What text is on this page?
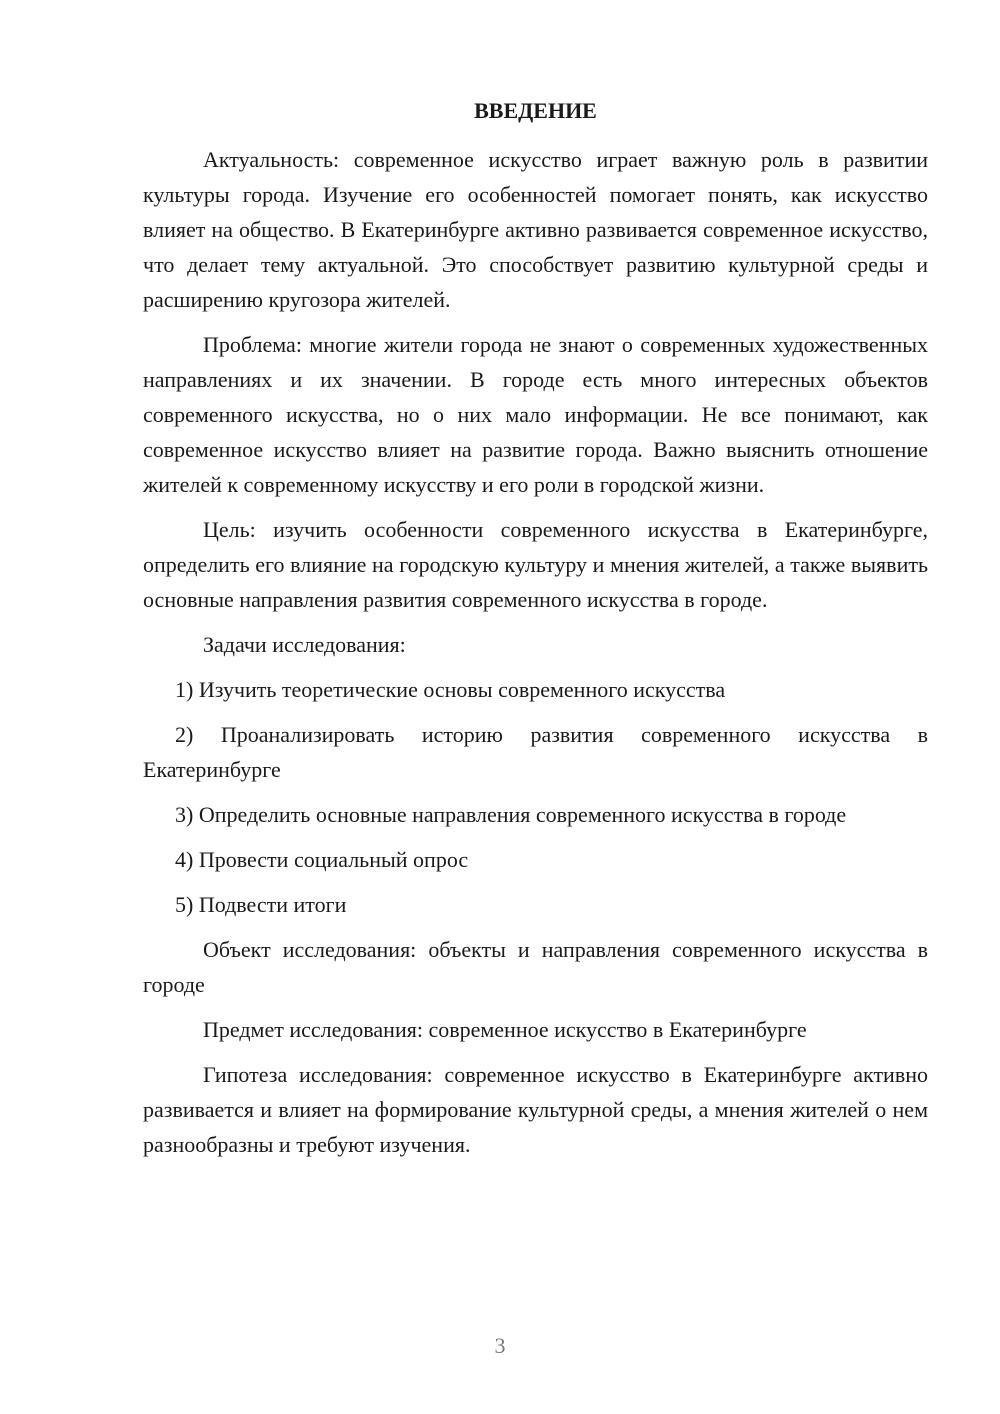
ВВЕДЕНИЕ

Актуальность: современное искусство играет важную роль в развитии культуры города. Изучение его особенностей помогает понять, как искусство влияет на общество. В Екатеринбурге активно развивается современное искусство, что делает тему актуальной. Это способствует развитию культурной среды и расширению кругозора жителей.

Проблема: многие жители города не знают о современных художественных направлениях и их значении. В городе есть много интересных объектов современного искусства, но о них мало информации. Не все понимают, как современное искусство влияет на развитие города. Важно выяснить отношение жителей к современному искусству и его роли в городской жизни.

Цель: изучить особенности современного искусства в Екатеринбурге, определить его влияние на городскую культуру и мнения жителей, а также выявить основные направления развития современного искусства в городе.

Задачи исследования:

1) Изучить теоретические основы современного искусства

2) Проанализировать историю развития современного искусства в Екатеринбурге

3) Определить основные направления современного искусства в городе

4) Провести социальный опрос

5) Подвести итоги

Объект исследования: объекты и направления современного искусства в городе

Предмет исследования: современное искусство в Екатеринбурге

Гипотеза исследования: современное искусство в Екатеринбурге активно развивается и влияет на формирование культурной среды, а мнения жителей о нем разнообразны и требуют изучения.

3
